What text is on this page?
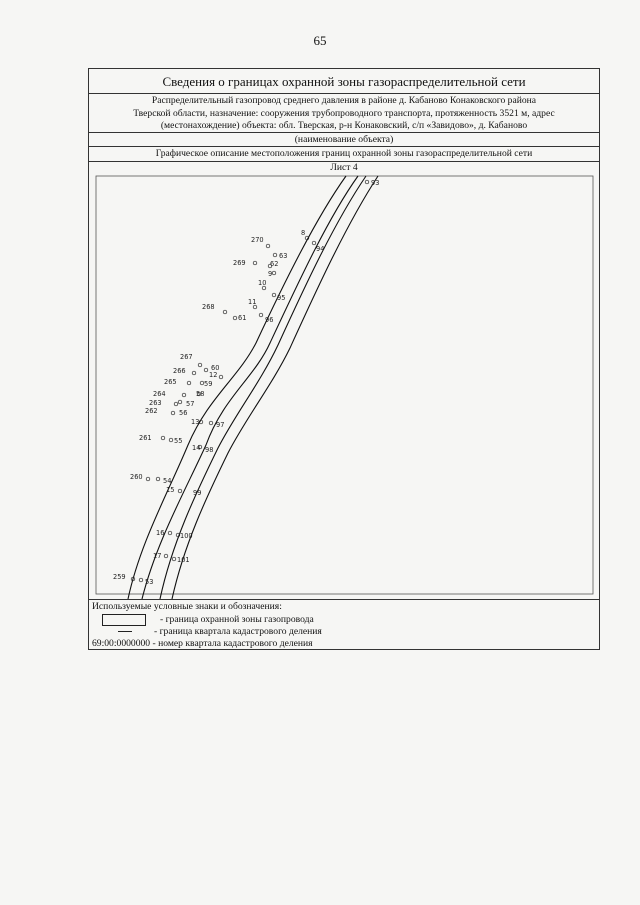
65
Сведения о границах охранной зоны газораспределительной сети
Распределительный газопровод среднего давления в районе д. Кабаново Конаковского района
Тверской области, назначение: сооружения трубопроводного транспорта, протяженность 3521 м, адрес
(местонахождение) объекта: обл. Тверская, р-н Конаковский, с/п «Завидово», д. Кабаново
(наименование объекта)
Графическое описание местоположения границ охранной зоны газораспределительной сети
Лист 4
93
270
8
94
269
63
62
9
10
95
268
11
61	96
267
60
266	12
265	59
264	58
263	57
262	56
13	97
261	55
14 98
260	54
15	99
16 100
17 101
259
53
Используемые условные знаки и обозначения:
- граница охранной зоны газопровода
- граница квартала кадастрового деления
69:00:0000000 - номер квартала кадастрового деления
